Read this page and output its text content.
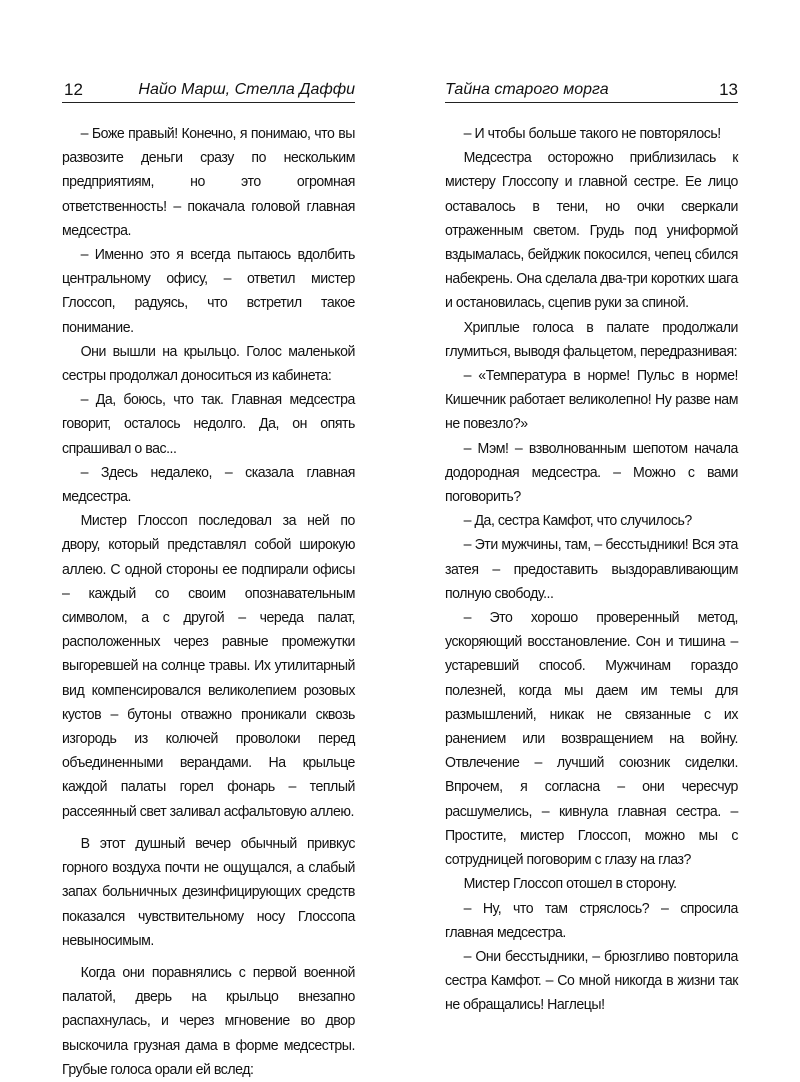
12	Найо Марш, Стелла Даффи

– Боже правый! Конечно, я понимаю, что вы развозите деньги сразу по нескольким предприятиям, но это огромная ответственность! – покачала головой главная медсестра.

– Именно это я всегда пытаюсь вдолбить центральному офису, – ответил мистер Глоссоп, радуясь, что встретил такое понимание.

Они вышли на крыльцо. Голос маленькой сестры продолжал доноситься из кабинета:

– Да, боюсь, что так. Главная медсестра говорит, осталось недолго. Да, он опять спрашивал о вас...

– Здесь недалеко, – сказала главная медсестра.

Мистер Глоссоп последовал за ней по двору, который представлял собой широкую аллею. С одной стороны ее подпирали офисы – каждый со своим опознавательным символом, а с другой – череда палат, расположенных через равные промежутки выгоревшей на солнце травы. Их утилитарный вид компенсировался великолепием розовых кустов – бутоны отважно проникали сквозь изгородь из колючей проволоки перед объединенными верандами. На крыльце каждой палаты горел фонарь – теплый рассеянный свет заливал асфальтовую аллею.

В этот душный вечер обычный привкус горного воздуха почти не ощущался, а слабый запах больничных дезинфицирующих средств показался чувствительному носу Глоссопа невыносимым.

Когда они поравнялись с первой военной палатой, дверь на крыльцо внезапно распахнулась, и через мгновение во двор выскочила грузная дама в форме медсестры. Грубые голоса орали ей вслед:

Тайна старого морга	13

– И чтобы больше такого не повторялось!

Медсестра осторожно приблизилась к мистеру Глоссопу и главной сестре. Ее лицо оставалось в тени, но очки сверкали отраженным светом. Грудь под униформой вздымалась, бейджик покосился, чепец сбился набекрень. Она сделала два-три коротких шага и остановилась, сцепив руки за спиной.

Хриплые голоса в палате продолжали глумиться, выводя фальцетом, передразнивая:

– «Температура в норме! Пульс в норме! Кишечник работает великолепно! Ну разве нам не повезло?»

– Мэм! – взволнованным шепотом начала додородная медсестра. – Можно с вами поговорить?

– Да, сестра Камфот, что случилось?

– Эти мужчины, там, – бесстыдники! Вся эта затея – предоставить выздоравливающим полную свободу...

– Это хорошо проверенный метод, ускоряющий восстановление. Сон и тишина – устаревший способ. Мужчинам гораздо полезней, когда мы даем им темы для размышлений, никак не связанные с их ранением или возвращением на войну. Отвлечение – лучший союзник сиделки. Впрочем, я согласна – они чересчур расшумелись, – кивнула главная сестра. – Простите, мистер Глоссоп, можно мы с сотрудницей поговорим с глазу на глаз?

Мистер Глоссоп отошел в сторону.

– Ну, что там стряслось? – спросила главная медсестра.

– Они бесстыдники, – брюзгливо повторила сестра Камфот. – Со мной никогда в жизни так не обращались! Наглецы!
